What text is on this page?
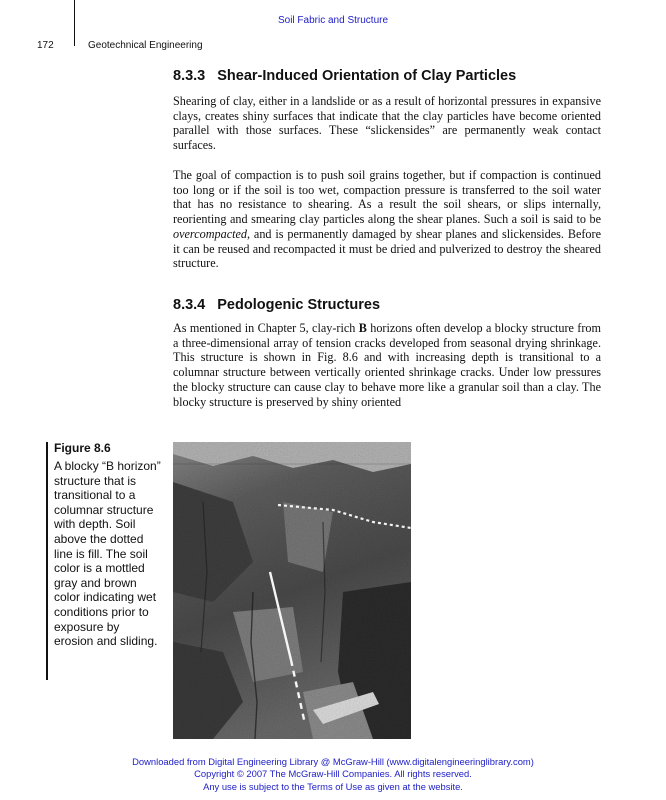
Soil Fabric and Structure
172	Geotechnical Engineering
8.3.3 Shear-Induced Orientation of Clay Particles

Shearing of clay, either in a landslide or as a result of horizontal pressures in expansive clays, creates shiny surfaces that indicate that the clay particles have become oriented parallel with those surfaces. These “slickensides” are permanently weak contact surfaces.

The goal of compaction is to push soil grains together, but if compaction is continued too long or if the soil is too wet, compaction pressure is transferred to the soil water that has no resistance to shearing. As a result the soil shears, or slips internally, reorienting and smearing clay particles along the shear planes. Such a soil is said to be overcompacted, and is permanently damaged by shear planes and slickensides. Before it can be reused and recompacted it must be dried and pulverized to destroy the sheared structure.

8.3.4 Pedologenic Structures

As mentioned in Chapter 5, clay-rich B horizons often develop a blocky structure from a three-dimensional array of tension cracks developed from seasonal drying shrinkage. This structure is shown in Fig. 8.6 and with increasing depth is transitional to a columnar structure between vertically oriented shrinkage cracks. Under low pressures the blocky structure can cause clay to behave more like a granular soil than a clay. The blocky structure is preserved by shiny oriented

Figure 8.6

A blocky “B horizon” structure that is transitional to a columnar structure with depth. Soil above the dotted line is fill. The soil color is a mottled gray and brown color indicating wet conditions prior to exposure by erosion and sliding.

Downloaded from Digital Engineering Library @ McGraw-Hill (www.digitalengineeringlibrary.com)
Copyright © 2007 The McGraw-Hill Companies. All rights reserved.
Any use is subject to the Terms of Use as given at the website.
